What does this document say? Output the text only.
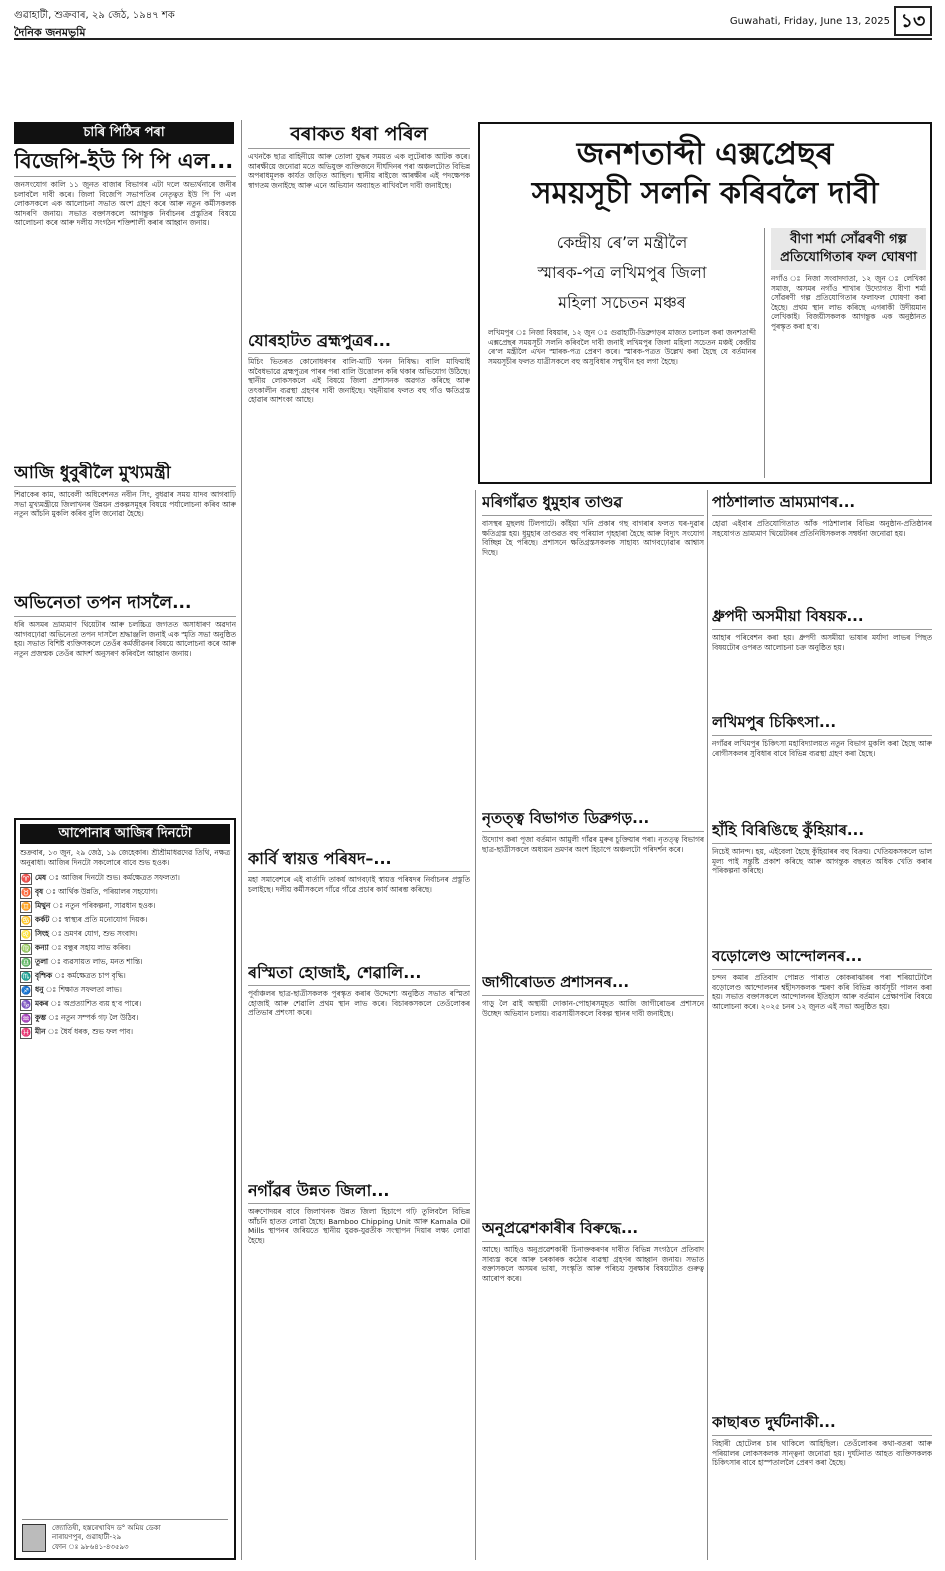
গুৱাহাটী, শুক্ৰবাৰ, ২৯ জেঠ, ১৯৪৭ শক
দৈনিক জনমভূমি
Guwahati, Friday, June 13, 2025 ১৩
চাৰি পিঠিৰ পৰা
বিজেপি-ইউ পি পি এল...
জনসংযোগ কালি ১১ জুনত বাজাৰ বিভাগৰ এটা দলে অভ্যৰ্থনাৰে জনীৰ চলাবলৈ দাবী কৰে। জিলা বিজেপি সভাপতিৰ নেতৃত্বত ইউ পি পি এল লোকসকলে এক আলোচনা সভাত অংশ গ্ৰহণ কৰে আৰু নতুন কৰ্মীসকলক আদৰণি জনায়। সভাত বক্তাসকলে আগন্তুক নিৰ্বাচনৰ প্ৰস্তুতিৰ বিষয়ে আলোচনা কৰে আৰু দলীয় সংগঠন শক্তিশালী কৰাৰ আহ্বান জনায়।
আজি ধুবুৰীলৈ মুখ্যমন্ত্ৰী
শিৱাকেৰ কাম, আবেলী অধিবেশনত নবীন সিং, বুধৱাৰ সময় যাদব আগবাঢ়ি সভা মুখ্যমন্ত্ৰীয়ে জিলাখনৰ উন্নয়ন প্ৰকল্পসমূহৰ বিষয়ে পৰ্যালোচনা কৰিব আৰু নতুন আঁচনি মুকলি কৰিব বুলি জনোৱা হৈছে।
অভিনেতা তপন দাসলৈ...
ধৰি অসমৰ ভ্ৰাম্যমাণ থিয়েটাৰ আৰু চলচ্চিত্ৰ জগতত অসাধাৰণ অৱদান আগবঢ়োৱা অভিনেতা তপন দাসলৈ শ্ৰদ্ধাঞ্জলি জনাই এক স্মৃতি সভা অনুষ্ঠিত হয়। সভাত বিশিষ্ট ব্যক্তিসকলে তেওঁৰ কৰ্মজীৱনৰ বিষয়ে আলোচনা কৰে আৰু নতুন প্ৰজন্মক তেওঁৰ আদৰ্শ অনুসৰণ কৰিবলৈ আহ্বান জনায়।
আপোনাৰ আজিৰ দিনটো
শুক্ৰবাৰ, ১৩ জুন, ২৯ জেঠ, ১৯ জেহেকাৰ। শ্ৰীশ্ৰীমাধৱদেৱ তিথি, নক্ষত্ৰ অনুৰাধা। আজিৰ দিনটো সকলোৰে বাবে শুভ হওক।
♈ মেষ ঃ আজিৰ দিনটো শুভ। কৰ্মক্ষেত্ৰত সফলতা।
♉ বৃষ ঃ আৰ্থিক উন্নতি, পৰিয়ালৰ সহযোগ।
♊ মিথুন ঃ নতুন পৰিকল্পনা, সাৱধান হওক।
♋ কৰ্কট ঃ স্বাস্থ্যৰ প্ৰতি মনোযোগ দিয়ক।
♌ সিংহ ঃ ভ্ৰমণৰ যোগ, শুভ সংবাদ।
♍ কন্যা ঃ বন্ধুৰ সহায় লাভ কৰিব।
♎ তুলা ঃ ব্যৱসায়ত লাভ, মনত শান্তি।
♏ বৃশ্চিক ঃ কৰ্মক্ষেত্ৰত চাপ বৃদ্ধি।
♐ ধনু ঃ শিক্ষাত সফলতা লাভ।
♑ মকৰ ঃ অপ্ৰত্যাশিত ব্যয় হ’ব পাৰে।
♒ কুম্ভ ঃ নতুন সম্পৰ্ক গঢ় লৈ উঠিব।
♓ মীন ঃ ধৈৰ্য ধৰক, শুভ ফল পাব।
জ্যোতিষী, হস্তৰেখাবিদ ড° অমিয় ডেকা
নাৰায়ণপুৰ, গুৱাহাটী-২৯
ফোন ঃ ৯৮৬৪১-৪৩৫৯৩
বৰাকত ধৰা পৰিল
এখনকৈ ছাত্ৰ বাহিনীয়ে আৰু তোলা যুদ্ধৰ সময়ত এক লুটেৰাক আটক কৰে। আৰক্ষীয়ে জনোৱা মতে অভিযুক্ত ব্যক্তিজনে দীৰ্ঘদিনৰ পৰা অঞ্চলটোত বিভিন্ন অপৰাধমূলক কাৰ্যত জড়িত আছিল। স্থানীয় ৰাইজে আৰক্ষীৰ এই পদক্ষেপক স্বাগতম জনাইছে আৰু এনে অভিযান অব্যাহত ৰাখিবলৈ দাবী জনাইছে।
যোৰহাটত ব্ৰহ্মপুত্ৰৰ...
মিচিং ভিতৰত কোনোধৰণৰ বালি-মাটি খনন নিষিদ্ধ। বালি মাফিয়াই অবৈধভাৱে ব্ৰহ্মপুত্ৰৰ পাৰৰ পৰা বালি উত্তোলন কৰি থকাৰ অভিযোগ উঠিছে। স্থানীয় লোকসকলে এই বিষয়ে জিলা প্ৰশাসনক অৱগত কৰিছে আৰু তৎকালীন ব্যৱস্থা গ্ৰহণৰ দাবী জনাইছে। খহনীয়াৰ ফলত বহু গাঁও ক্ষতিগ্ৰস্ত হোৱাৰ আশংকা আছে।
কাৰ্বি স্বায়ত্ত পৰিষদ–...
মহা সমাবেশৰে এই বাৰ্তাদি তাকৰ্ষ আগবঢ়াই স্বায়ত্ত পৰিষদৰ নিৰ্বাচনৰ প্ৰস্তুতি চলাইছে। দলীয় কৰ্মীসকলে গাঁৱে গাঁৱে প্ৰচাৰ কাৰ্য আৰম্ভ কৰিছে।
ৰস্মিতা হোজাই, শেৱালি...
পূৰ্বাঞ্চলৰ ছাত্ৰ-ছাত্ৰীসকলক পুৰস্কৃত কৰাৰ উদ্দেশ্যে অনুষ্ঠিত সভাত ৰস্মিতা হোজাই আৰু শেৱালি প্ৰথম স্থান লাভ কৰে। বিচাৰকসকলে তেওঁলোকৰ প্ৰতিভাৰ প্ৰশংসা কৰে।
নগাঁৱৰ উন্নত জিলা...
অৰুণোদয়ৰ বাবে জিলাখনক উন্নত জিলা হিচাপে গঢ়ি তুলিবলৈ বিভিন্ন আঁচনি হাতত লোৱা হৈছে। Bamboo Chipping Unit আৰু Kamala Oil Mills স্থাপনৰ জৰিয়তে স্থানীয় যুৱক-যুৱতীক সংস্থাপন দিয়াৰ লক্ষ্য লোৱা হৈছে।
জনশতাব্দী এক্সপ্ৰেছৰ
সময়সূচী সলনি কৰিবলৈ দাবী
কেন্দ্ৰীয় ৰে’ল মন্ত্ৰীলৈ
স্মাৰক-পত্ৰ লখিমপুৰ জিলা
মহিলা সচেতন মঞ্চৰ
লখিমপুৰ ঃ নিজা বিষয়াৰ, ১২ জুন ঃ গুৱাহাটী-ডিব্ৰুগড়ৰ মাজত চলাচল কৰা জনশতাব্দী এক্সপ্ৰেছৰ সময়সূচী সলনি কৰিবলৈ দাবী জনাই লখিমপুৰ জিলা মহিলা সচেতন মঞ্চই কেন্দ্ৰীয় ৰে’ল মন্ত্ৰীলৈ এখন স্মাৰক-পত্ৰ প্ৰেৰণ কৰে। স্মাৰক-পত্ৰত উল্লেখ কৰা হৈছে যে বৰ্তমানৰ সময়সূচীৰ ফলত যাত্ৰীসকলে বহু অসুবিধাৰ সন্মুখীন হব লগা হৈছে।
বীণা শৰ্মা সোঁৱৰণী গল্প প্ৰতিযোগিতাৰ ফল ঘোষণা
নগাঁও ঃ নিজা সংবাদদাতা, ১২ জুন ঃ লেখিকা সমাজ, অসমৰ নগাঁও শাখাৰ উদ্যোগত বীণা শৰ্মা সোঁৱৰণী গল্প প্ৰতিযোগিতাৰ ফলাফল ঘোষণা কৰা হৈছে। প্ৰথম স্থান লাভ কৰিছে এগৰাকী উদীয়মান লেখিকাই। বিজয়ীসকলক আগন্তুক এক অনুষ্ঠানত পুৰস্কৃত কৰা হ’ব।
মৰিগাঁৱত ধুমুহাৰ তাণ্ডৱ
বাসস্থৰ মুছলধ টিলপাটে। কাঁইয়া খনি প্ৰকাৰ গছ বাগৰাৰ ফলত ঘৰ-দুৱাৰ ক্ষতিগ্ৰস্ত হয়। ধুমুহাৰ তাণ্ডৱত বহু পৰিয়াল গৃহহাৰা হৈছে আৰু বিদ্যুৎ সংযোগ বিচ্ছিন্ন হৈ পৰিছে। প্ৰশাসনে ক্ষতিগ্ৰস্তসকলক সাহায্য আগবঢ়োৱাৰ আশ্বাস দিছে।
নৃতত্ত্ব বিভাগত ডিব্ৰুগড়...
উদ্যোগ কৰা পূজা বৰ্তমান আমুলী গাঁৱৰ মুৰুৰ চুক্তিয়াৰ পৰা। নৃতত্ত্ব বিভাগৰ ছাত্ৰ-ছাত্ৰীসকলে অধ্যয়ন ভ্ৰমণৰ অংশ হিচাপে অঞ্চলটো পৰিদৰ্শন কৰে।
জাগীৰোডত প্ৰশাসনৰ...
গাড়ু লৈ ৱাই অস্থায়ী দোকান-পোহাৰসমূহত আজি জাগীৰোডৰ প্ৰশাসনে উচ্ছেদ অভিযান চলায়। ব্যৱসায়ীসকলে বিকল্প স্থানৰ দাবী জনাইছে।
অনুপ্ৰৱেশকাৰীৰ বিৰুদ্ধে...
আছে। আহিও অনুপ্ৰৱেশকাৰী চিনাক্তকৰণৰ দাবীত বিভিন্ন সংগঠনে প্ৰতিবাদ সাব্যস্ত কৰে আৰু চৰকাৰক কঠোৰ ব্যৱস্থা গ্ৰহণৰ আহ্বান জনায়। সভাত বক্তাসকলে অসমৰ ভাষা, সংস্কৃতি আৰু পৰিচয় সুৰক্ষাৰ বিষয়টোত গুৰুত্ব আৰোপ কৰে।
পাঠশালাত ভ্ৰাম্যমাণৰ...
হোৱা এইবাৰ প্ৰতিযোগিতাত আঁক পাঠশালাৰ বিভিন্ন অনুষ্ঠান-প্ৰতিষ্ঠানৰ সহযোগত ভ্ৰাম্যমাণ থিয়েটাৰৰ প্ৰতিনিধিসকলক সম্বৰ্ধনা জনোৱা হয়।
ধ্ৰুপদী অসমীয়া বিষয়ক...
আহাৰ পৰিবেশন কৰা হয়। ধ্ৰুপদী অসমীয়া ভাষাৰ মৰ্যাদা লাভৰ পিছত বিষয়টোৰ ওপৰত আলোচনা চক্ৰ অনুষ্ঠিত হয়।
লখিমপুৰ চিকিৎসা...
নগাঁৱৰ লখিমপুৰ চিকিৎসা মহাবিদ্যালয়ত নতুন বিভাগ মুকলি কৰা হৈছে আৰু ৰোগীসকলৰ সুবিধাৰ বাবে বিভিন্ন ব্যৱস্থা গ্ৰহণ কৰা হৈছে।
হাঁহি বিৰিঙিছে কুঁহিয়াৰ...
নিচেই আনন্দ। হয়, এইবেলা হৈছে কুঁহিয়াৰৰ বহু বিক্ৰয়। খেতিয়কসকলে ভাল মূল্য পাই সন্তুষ্টি প্ৰকাশ কৰিছে আৰু আগন্তুক বছৰত অধিক খেতি কৰাৰ পৰিকল্পনা কৰিছে।
বড়োলেণ্ড আন্দোলনৰ...
চন্দন কমাৰ প্ৰতিবাদ পোন্নত পাৰাত কোকৰাঝাৰৰ পৰা শৰিয়াটোলৈ বড়োলেণ্ড আন্দোলনৰ শ্বহীদসকলক স্মৰণ কৰি বিভিন্ন কাৰ্যসূচী পালন কৰা হয়। সভাত বক্তাসকলে আন্দোলনৰ ইতিহাস আৰু বৰ্তমান প্ৰেক্ষাপটৰ বিষয়ে আলোচনা কৰে। ২০২৫ চনৰ ১২ জুনত এই সভা অনুষ্ঠিত হয়।
কাছাৰত দুৰ্ঘটনাকী...
বিহাৰী হোটেলৰ চাৰ থাকিলে আহিছিল। তেওঁলোকৰ কথা-বতৰা আৰু পৰিয়ালৰ লোকসকলক সান্ত্বনা জনোৱা হয়। দুৰ্ঘটনাত আহত ব্যক্তিসকলক চিকিৎসাৰ বাবে হাস্পতাললৈ প্ৰেৰণ কৰা হৈছে।
